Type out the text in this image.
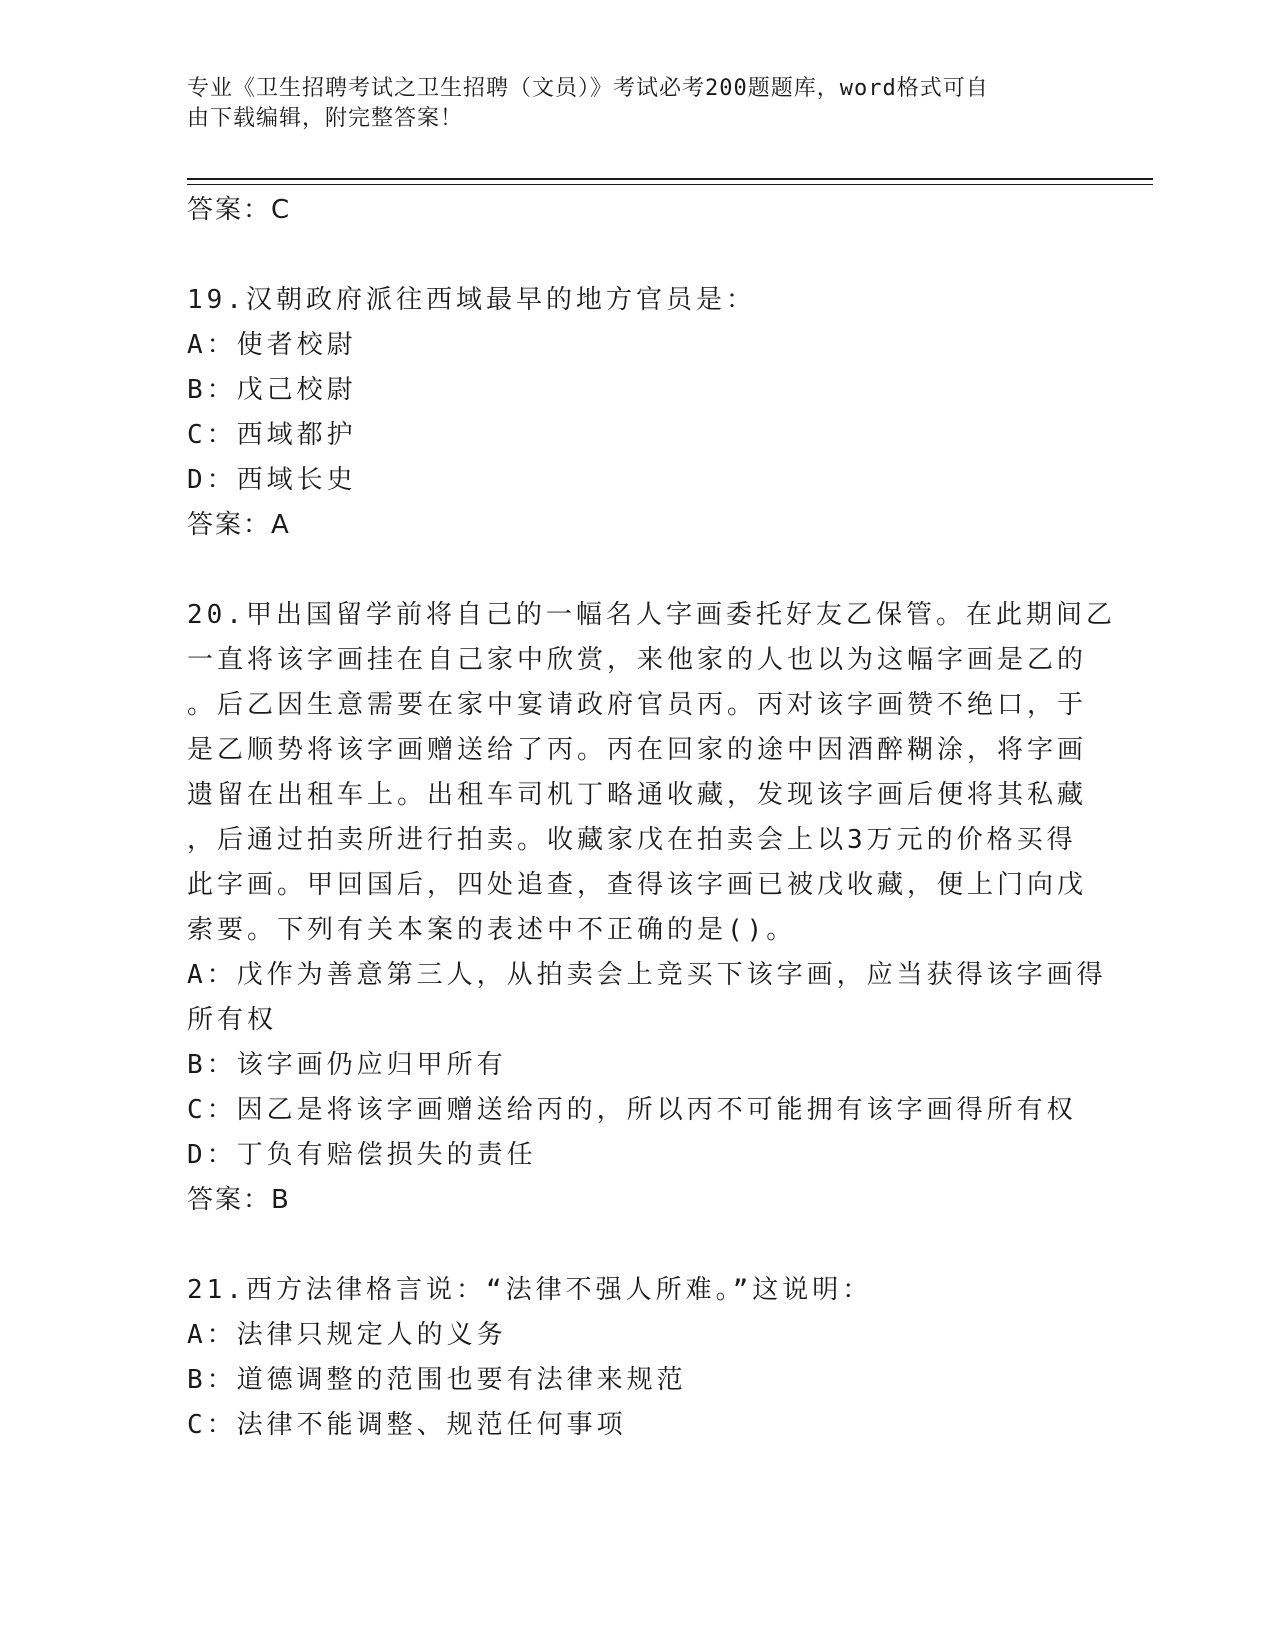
专业《卫生招聘考试之卫生招聘（文员）》考试必考200题题库，word格式可自
由下载编辑，附完整答案！
答案：C
19.汉朝政府派往西域最早的地方官员是：
A：使者校尉
B：戊己校尉
C：西域都护
D：西域长史
答案：A
20.甲出国留学前将自己的一幅名人字画委托好友乙保管。在此期间乙
一直将该字画挂在自己家中欣赏，来他家的人也以为这幅字画是乙的
。后乙因生意需要在家中宴请政府官员丙。丙对该字画赞不绝口，于
是乙顺势将该字画赠送给了丙。丙在回家的途中因酒醉糊涂，将字画
遗留在出租车上。出租车司机丁略通收藏，发现该字画后便将其私藏
，后通过拍卖所进行拍卖。收藏家戊在拍卖会上以3万元的价格买得
此字画。甲回国后，四处追查，查得该字画已被戊收藏，便上门向戊
索要。下列有关本案的表述中不正确的是()。
A：戊作为善意第三人，从拍卖会上竞买下该字画，应当获得该字画得
所有权
B：该字画仍应归甲所有
C：因乙是将该字画赠送给丙的，所以丙不可能拥有该字画得所有权
D：丁负有赔偿损失的责任
答案：B
21.西方法律格言说：“法律不强人所难。”这说明：
A：法律只规定人的义务
B：道德调整的范围也要有法律来规范
C：法律不能调整、规范任何事项
